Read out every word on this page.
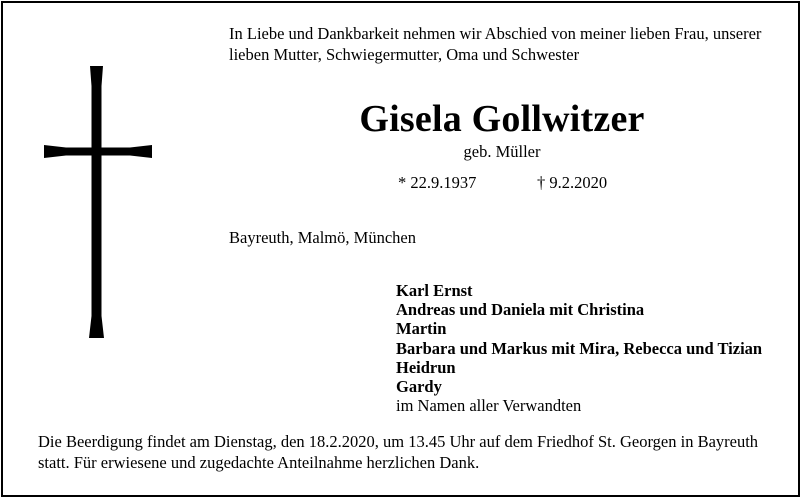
In Liebe und Dankbarkeit nehmen wir Abschied von meiner lieben Frau, unserer
lieben Mutter, Schwiegermutter, Oma und Schwester
Gisela Gollwitzer
geb. Müller
* 22.9.1937	† 9.2.2020
Bayreuth, Malmö, München
Karl Ernst
Andreas und Daniela mit Christina
Martin
Barbara und Markus mit Mira, Rebecca und Tizian
Heidrun
Gardy
im Namen aller Verwandten
Die Beerdigung findet am Dienstag, den 18.2.2020, um 13.45 Uhr auf dem Friedhof St. Georgen in Bayreuth
statt. Für erwiesene und zugedachte Anteilnahme herzlichen Dank.
